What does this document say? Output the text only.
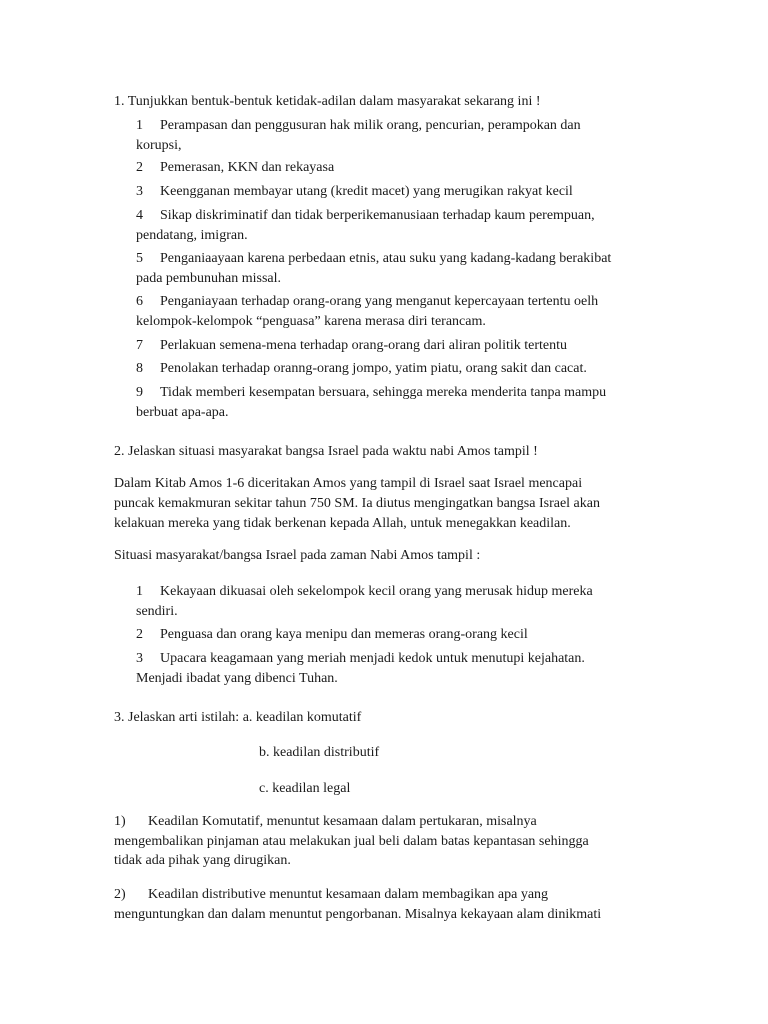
1. Tunjukkan bentuk-bentuk ketidak-adilan dalam masyarakat sekarang ini !
1 Perampasan dan penggusuran hak milik orang, pencurian, perampokan dan
korupsi,
2 Pemerasan, KKN dan rekayasa
3 Keengganan membayar utang (kredit macet) yang merugikan rakyat kecil
4 Sikap diskriminatif dan tidak berperikemanusiaan terhadap kaum perempuan,
pendatang, imigran.
5 Penganiaayaan karena perbedaan etnis, atau suku yang kadang-kadang berakibat
pada pembunuhan missal.
6 Penganiayaan terhadap orang-orang yang menganut kepercayaan tertentu oelh
kelompok-kelompok “penguasa” karena merasa diri terancam.
7 Perlakuan semena-mena terhadap orang-orang dari aliran politik tertentu
8 Penolakan terhadap oranng-orang jompo, yatim piatu, orang sakit dan cacat.
9 Tidak memberi kesempatan bersuara, sehingga mereka menderita tanpa mampu
berbuat apa-apa.
2. Jelaskan situasi masyarakat bangsa Israel pada waktu nabi Amos tampil !
Dalam Kitab Amos 1-6 diceritakan Amos yang tampil di Israel saat Israel mencapai
puncak kemakmuran sekitar tahun 750 SM. Ia diutus mengingatkan bangsa Israel akan
kelakuan mereka yang tidak berkenan kepada Allah, untuk menegakkan keadilan.
Situasi masyarakat/bangsa Israel pada zaman Nabi Amos tampil :
1 Kekayaan dikuasai oleh sekelompok kecil orang yang merusak hidup mereka
sendiri.
2 Penguasa dan orang kaya menipu dan memeras orang-orang kecil
3 Upacara keagamaan yang meriah menjadi kedok untuk menutupi kejahatan.
Menjadi ibadat yang dibenci Tuhan.
3. Jelaskan arti istilah: a. keadilan komutatif
b. keadilan distributif
c. keadilan legal
1) Keadilan Komutatif, menuntut kesamaan dalam pertukaran, misalnya
mengembalikan pinjaman atau melakukan jual beli dalam batas kepantasan sehingga
tidak ada pihak yang dirugikan.
2) Keadilan distributive menuntut kesamaan dalam membagikan apa yang
menguntungkan dan dalam menuntut pengorbanan. Misalnya kekayaan alam dinikmati
